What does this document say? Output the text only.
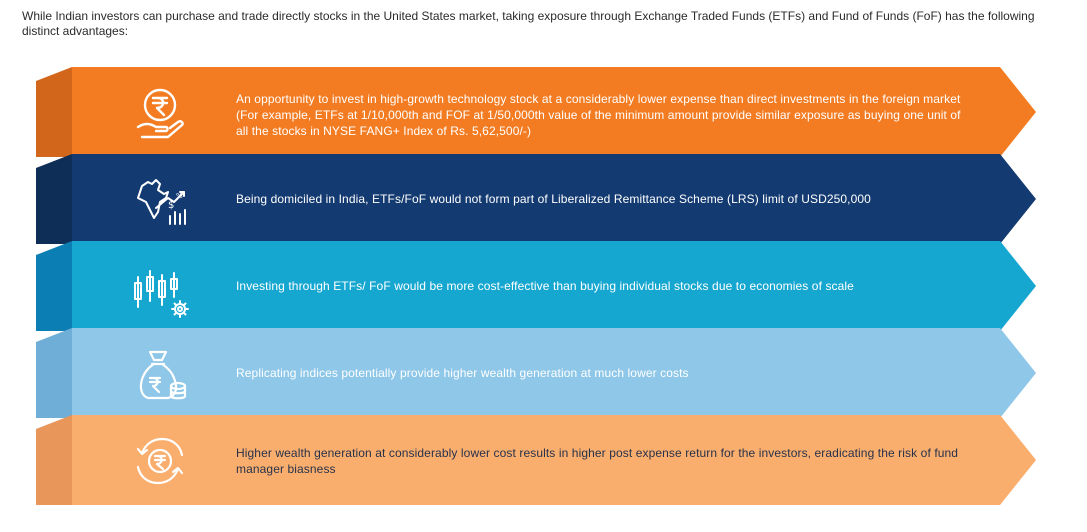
While Indian investors can purchase and trade directly stocks in the United States market, taking exposure through Exchange Traded Funds (ETFs) and Fund of Funds (FoF) has the following distinct advantages:
An opportunity to invest in high-growth technology stock at a considerably lower expense than direct investments in the foreign market (For example, ETFs at 1/10,000th and FOF at 1/50,000th value of the minimum amount provide similar exposure as buying one unit of all the stocks in NYSE FANG+ Index of Rs. 5,62,500/-)
$
%	Being domiciled in India, ETFs/FoF would not form part of Liberalized Remittance Scheme (LRS) limit of USD250,000
Investing through ETFs/ FoF would be more cost-effective than buying individual stocks due to economies of scale
Replicating indices potentially provide higher wealth generation at much lower costs
Higher wealth generation at considerably lower cost results in higher post expense return for the investors, eradicating the risk of fund manager biasness
